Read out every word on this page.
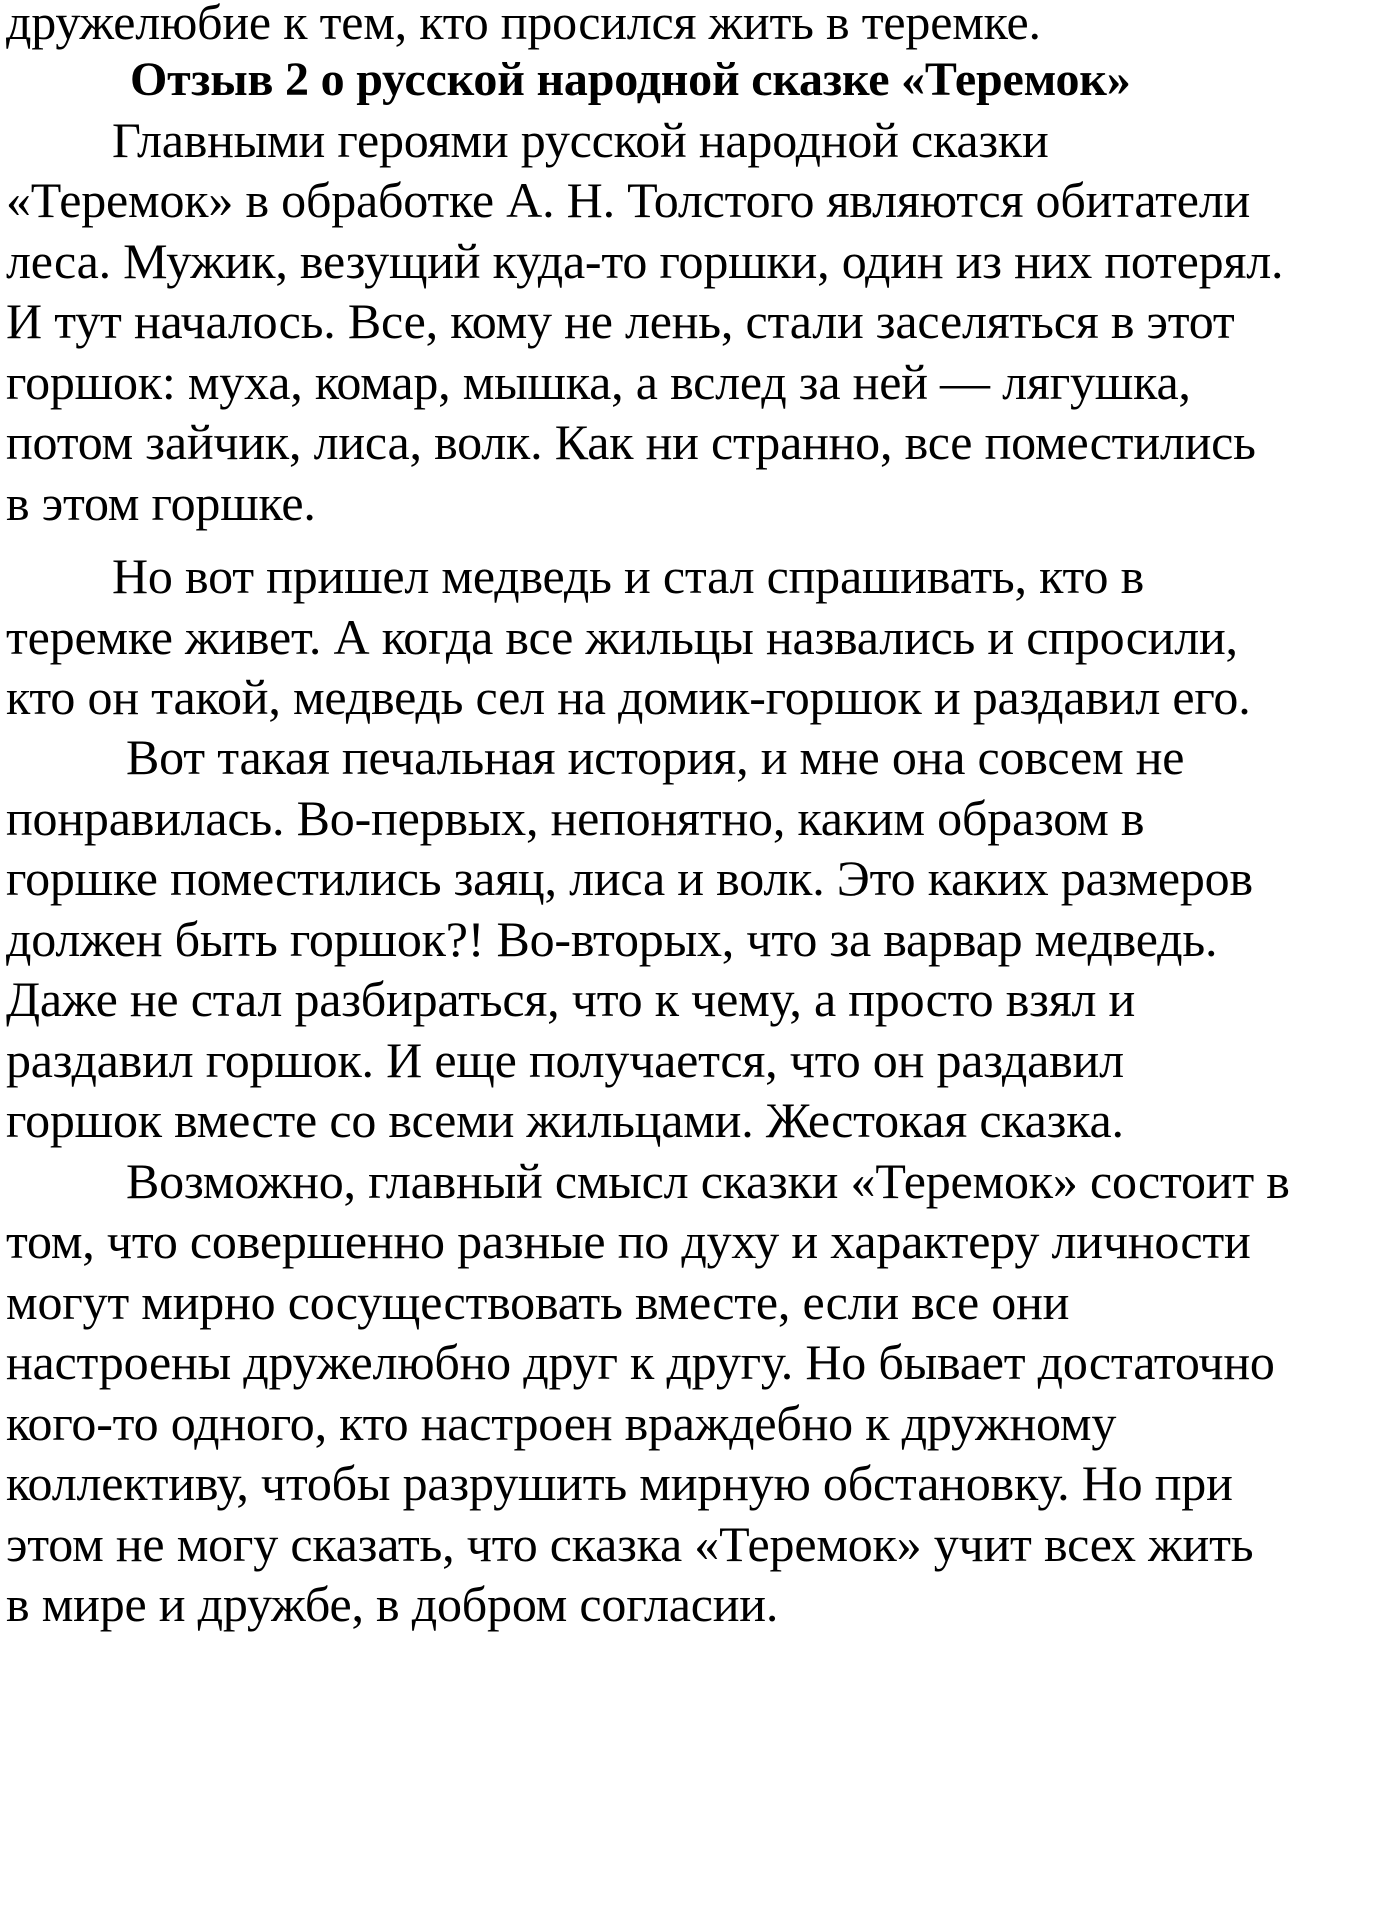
дружелюбие к тем, кто просился жить в теремке.
Отзыв 2 о русской народной сказке «Теремок»
Главными героями русской народной сказки
«Теремок» в обработке А. Н. Толстого являются обитатели
леса. Мужик, везущий куда-то горшки, один из них потерял.
И тут началось. Все, кому не лень, стали заселяться в этот
горшок: муха, комар, мышка, а вслед за ней — лягушка,
потом зайчик, лиса, волк. Как ни странно, все поместились
в этом горшке.
Но вот пришел медведь и стал спрашивать, кто в
теремке живет. А когда все жильцы назвались и спросили,
кто он такой, медведь сел на домик-горшок и раздавил его.
Вот такая печальная история, и мне она совсем не
понравилась. Во-первых, непонятно, каким образом в
горшке поместились заяц, лиса и волк. Это каких размеров
должен быть горшок?! Во-вторых, что за варвар медведь.
Даже не стал разбираться, что к чему, а просто взял и
раздавил горшок. И еще получается, что он раздавил
горшок вместе со всеми жильцами. Жестокая сказка.
Возможно, главный смысл сказки «Теремок» состоит в
том, что совершенно разные по духу и характеру личности
могут мирно сосуществовать вместе, если все они
настроены дружелюбно друг к другу. Но бывает достаточно
кого-то одного, кто настроен враждебно к дружному
коллективу, чтобы разрушить мирную обстановку. Но при
этом не могу сказать, что сказка «Теремок» учит всех жить
в мире и дружбе, в добром согласии.
